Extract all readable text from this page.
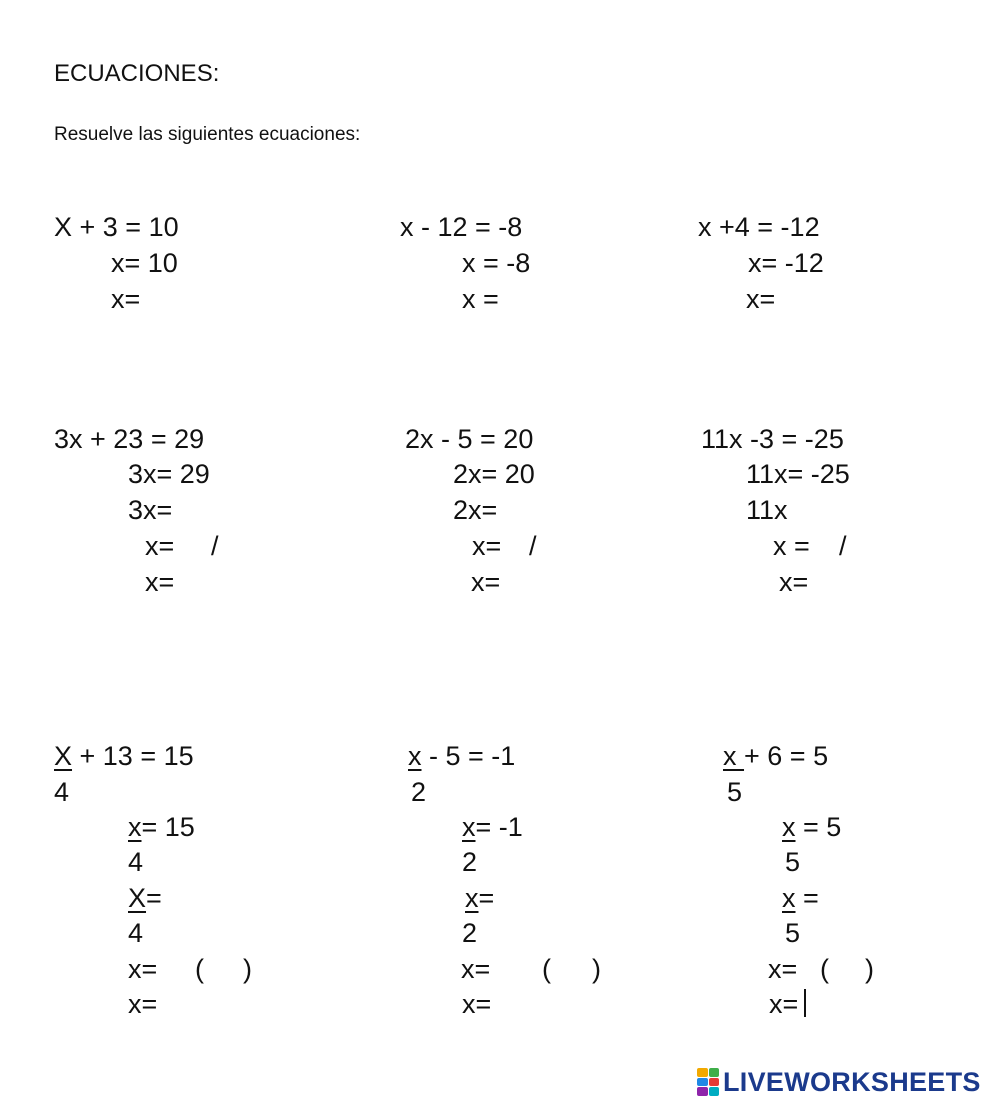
ECUACIONES:
Resuelve las siguientes ecuaciones:
X + 3 = 10
x= 10
x=
x - 12 = -8
x = -8
x =
x +4 = -12
x= -12
x=
3x + 23 = 29
3x= 29
3x=
x= /
x=
2x - 5 = 20
2x= 20
2x=
x= /
x=
11x -3 = -25
11x= -25
11x
x = /
x=
X + 13 = 15
4
x= 15
4
X=
4
x= ( )
x=
x - 5 = -1
2
x= -1
2
x=
2
x= ( )
x=
x + 6 = 5
5
x = 5
5
x =
5
x= ( )
x=
LIVEWORKSHEETS
